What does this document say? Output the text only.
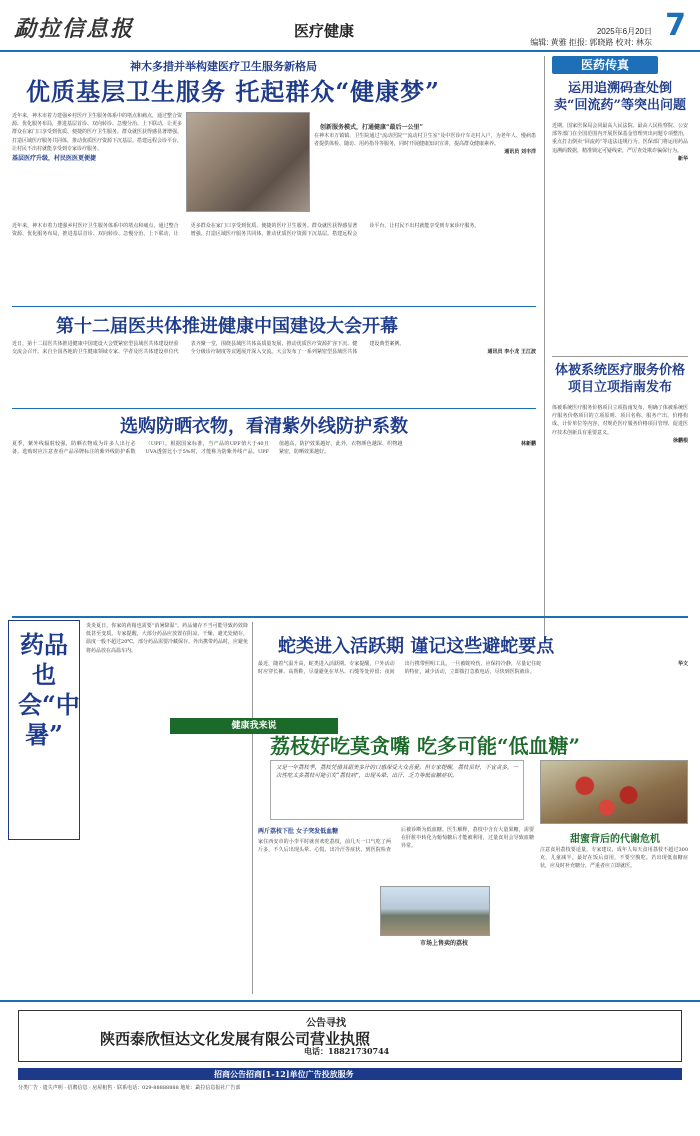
勐拉信息报	医疗健康	2025年6月20日
编辑: 黄雅 拒报: 郭晓路 校对: 林东 7
神木多措并举构建医疗卫生服务新格局
优质基层卫生服务 托起群众“健康梦”
近年来，神木市着力建强乡村医疗卫生服务体系中的堵点和痛点，通过整合资源、优化服务布局，推进基层首诊、双向转诊、急慢分治、上下联动，让更多群众在家门口享受到优质、便捷的医疗卫生服务。群众就医获得感显著增强。打造区域医疗服务共同体，推动优质医疗资源下沉基层。搭建远程会诊平台，让村民不出村就能享受到专家诊疗服务。
基层医疗升级，村民医医更便捷
创新服务模式，打通健康“最后一公里”
在神木市万镇镇，卫生院通过“流动医院”“流动村卫生室”及中医诊疗车走村入户，为老年人、慢病患者提供体检、随访、用药指导等服务，同时开展健康知识宣讲，提高群众健康素养。
通讯员 刘丰洋
近年来，神木市着力建强乡村医疗卫生服务体系中的堵点和痛点，通过整合资源、优化服务布局，推进基层首诊、双向转诊、急慢分治、上下联动，让更多群众在家门口享受到优质、便捷的医疗卫生服务。群众就医获得感显著增强。打造区域医疗服务共同体，推动优质医疗资源下沉基层。搭建远程会诊平台，让村民不出村就能享受到专家诊疗服务。
第十二届医共体推进健康中国建设大会开幕
近日，第十二届医共体推进健康中国建设大会暨紧密型县域医共体建设经验交流会召开。来自全国各地的卫生健康领域专家、学者及医共体建设单位代表齐聚一堂，围绕县域医共体高质量发展、推动优质医疗资源扩容下沉、健全分级诊疗制度等议题展开深入交流。大会发布了一系列紧密型县域医共体建设典型案例。
通讯员 李小龙 王江波
选购防晒衣物，看清紫外线防护系数
夏季，紫外线辐射较强，防晒衣物成为许多人出行必备。选购时应注意查看产品吊牌标注的紫外线防护系数（UPF）。根据国家标准，当产品的UPF值大于40且UVA透射比小于5%时，才能称为防紫外线产品。UPF值越高，防护效果越好。此外，衣物颜色越深、织物越紧密，防晒效果越好。
林新鹏
医药传真
运用追溯码查处倒卖“回流药”等突出问题
近期，国家医保局会同最高人民法院、最高人民检察院、公安部等部门在全国范围内开展医保基金管理突出问题专项整治，重点打击倒卖“回流药”等违法违规行为。医保部门将运用药品追溯码数据，精准锁定可疑线索，严厉查处欺诈骗保行为。
新华
体被系统医疗服务价格项目立项指南发布
体被系统医疗服务价格项目立项指南发布，明确了体被系统医疗服务价格项目的立项原则、项目名称、服务产出、价格构成、计价单位等内容，对规范医疗服务价格项目管理、促进医疗技术创新具有重要意义。
徐鹏根
药品也会“中暑”
炎炎夏日，你家的药箱也需要“消暑降温”。药品储存不当可能导致药效降低甚至变质。专家提醒，大部分药品应放置在阴凉、干燥、避光处储存，温度一般不超过20℃，部分药品需要冷藏保存。外出携带药品时，应避免将药品放在高温车内。	蛇类进入活跃期 谨记这些避蛇要点
最近，随着气温升高，蛇类进入活跃期。专家提醒，户外活动时应穿长裤、高帮鞋，尽量避免在草丛、石缝等处停留；夜间出行携带照明工具。一旦被蛇咬伤，应保持冷静，尽量记住蛇的特征，减少活动，立即拨打急救电话，尽快到医院就诊。
华文
健康我来说
荔枝好吃莫贪嘴 吃多可能“低血糖”
又是一年荔枝季，荔枝凭借其甜美多汁的口感深受大众喜爱。但专家提醒，荔枝虽好，不宜贪多，一次性吃太多荔枝可能引发“荔枝病”，出现头晕、出汗、乏力等低血糖症状。
市场上售卖的荔枝
两斤荔枝下肚 女子突发低血糖
家住西安市的小李平时就喜欢吃荔枝，前几天一口气吃了两斤多，不久后出现头晕、心慌、出冷汗等症状，到医院检查后被诊断为低血糖。医生解释，荔枝中含有大量果糖，需要在肝脏中转化为葡萄糖后才能被利用，过量食用会导致血糖异常。
甜蜜背后的代谢危机
注意食用荔枝要适量。专家建议，成年人每天食用荔枝不超过300克，儿童减半。最好在饭后食用，不要空腹吃。若出现低血糖症状，应及时补充糖分，严重者应立即就医。
公告寻找
陕西泰欣恒达文化发展有限公司营业执照
电话：18821730744
招商公告招商[1-12]单位广告投放服务
分类广告 · 遗失声明 · 招聘信息 · 房屋租售 · 联系电话：029-88888888 地址：勐拉信息报社广告部
